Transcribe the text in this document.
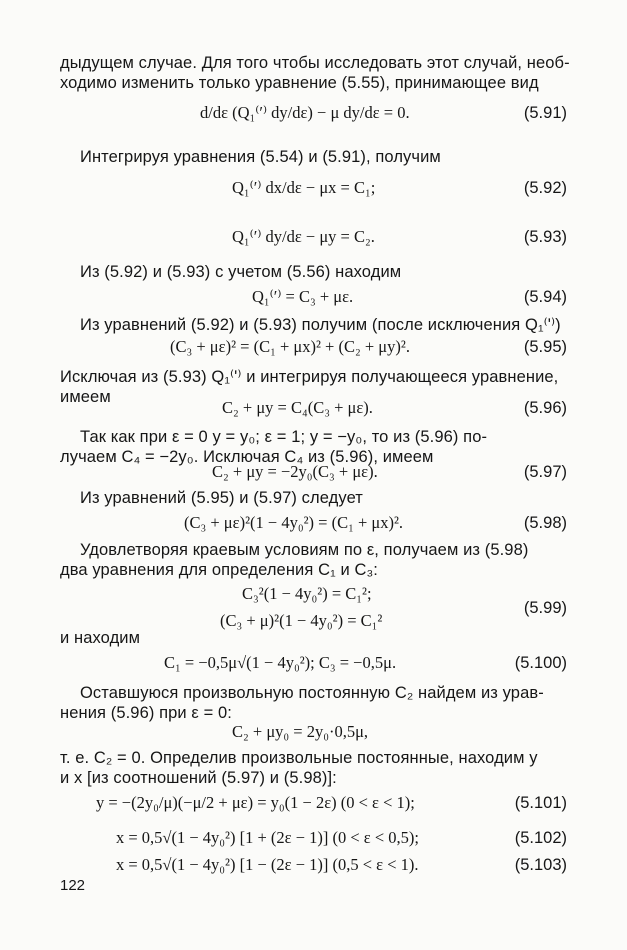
дыдущем случае. Для того чтобы исследовать этот случай, необ-
ходимо изменить только уравнение (5.55), принимающее вид
d/dε (Q₁⁽ʹ⁾ dy/dε) − μ dy/dε = 0.	(5.91)
Интегрируя уравнения (5.54) и (5.91), получим
Q₁⁽ʹ⁾ dx/dε − μx = C₁;	(5.92)
Q₁⁽ʹ⁾ dy/dε − μy = C₂.	(5.93)
Из (5.92) и (5.93) с учетом (5.56) находим
Q₁⁽ʹ⁾ = C₃ + με.	(5.94)
Из уравнений (5.92) и (5.93) получим (после исключения Q₁⁽ʹ⁾)
(C₃ + με)² = (C₁ + μx)² + (C₂ + μy)².	(5.95)
Исключая из (5.93) Q₁⁽ʹ⁾ и интегрируя получающееся уравнение,
имеем
C₂ + μy = C₄(C₃ + με).	(5.96)
Так как при ε = 0 y = y₀; ε = 1; y = −y₀, то из (5.96) по-
лучаем C₄ = −2y₀. Исключая C₄ из (5.96), имеем
C₂ + μy = −2y₀(C₃ + με).	(5.97)
Из уравнений (5.95) и (5.97) следует
(C₃ + με)²(1 − 4y₀²) = (C₁ + μx)².	(5.98)
Удовлетворяя краевым условиям по ε, получаем из (5.98)
два уравнения для определения C₁ и C₃:
C₃²(1 − 4y₀²) = C₁²;
(C₃ + μ)²(1 − 4y₀²) = C₁²
(5.99)
и находим
C₁ = −0,5μ√(1 − 4y₀²); C₃ = −0,5μ.	(5.100)
Оставшуюся произвольную постоянную C₂ найдем из урав-
нения (5.96) при ε = 0:
C₂ + μy₀ = 2y₀·0,5μ,
т. е. C₂ = 0. Определив произвольные постоянные, находим y
и x [из соотношений (5.97) и (5.98)]:
y = −(2y₀/μ)(−μ/2 + με) = y₀(1 − 2ε) (0 < ε < 1);	(5.101)
x = 0,5√(1 − 4y₀²) [1 + (2ε − 1)] (0 < ε < 0,5);	(5.102)
x = 0,5√(1 − 4y₀²) [1 − (2ε − 1)] (0,5 < ε < 1).	(5.103)
122
